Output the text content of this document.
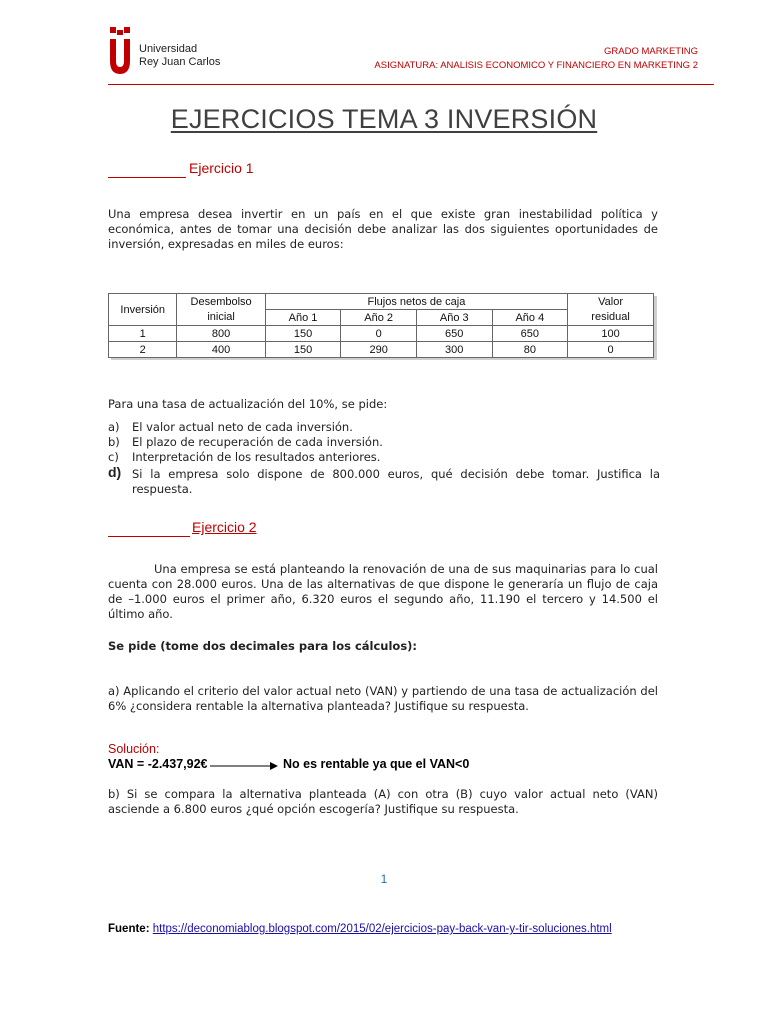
Universidad
Rey Juan Carlos
GRADO MARKETING
ASIGNATURA: ANALISIS ECONOMICO Y FINANCIERO EN MARKETING 2
EJERCICIOS TEMA 3 INVERSIÓN
Ejercicio 1
Una empresa desea invertir en un país en el que existe gran inestabilidad política y económica, antes de tomar una decisión debe analizar las dos siguientes oportunidades de inversión, expresadas en miles de euros:
Inversión	Desembolso	Flujos netos de caja				Valor
	inicial	Año 1	Año 2	Año 3	Año 4	residual
1	800	150	0	650	650	100
2	400	150	290	300	80	0
Para una tasa de actualización del 10%, se pide:
a) El valor actual neto de cada inversión.
b) El plazo de recuperación de cada inversión.
c) Interpretación de los resultados anteriores.
d) Si la empresa solo dispone de 800.000 euros, qué decisión debe tomar. Justifica la respuesta.
Ejercicio 2
Una empresa se está planteando la renovación de una de sus maquinarias para lo cual cuenta con 28.000 euros. Una de las alternativas de que dispone le generaría un flujo de caja de –1.000 euros el primer año, 6.320 euros el segundo año, 11.190 el tercero y 14.500 el último año.
Se pide (tome dos decimales para los cálculos):
a) Aplicando el criterio del valor actual neto (VAN) y partiendo de una tasa de actualización del 6% ¿considera rentable la alternativa planteada? Justifique su respuesta.
Solución:
VAN = -2.437,92€	No es rentable ya que el VAN<0
b) Si se compara la alternativa planteada (A) con otra (B) cuyo valor actual neto (VAN) asciende a 6.800 euros ¿qué opción escogería? Justifique su respuesta.
1
Fuente: https://deconomiablog.blogspot.com/2015/02/ejercicios-pay-back-van-y-tir-soluciones.html
